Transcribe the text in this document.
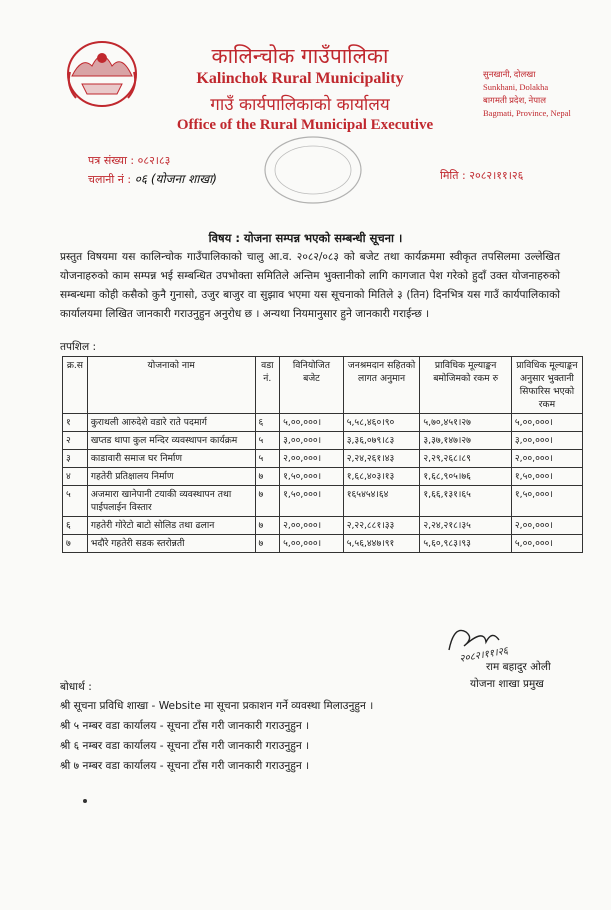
कालिन्चोक गाउँपालिका
Kalinchok Rural Municipality
गाउँ कार्यपालिकाको कार्यालय
Office of the Rural Municipal Executive
सुनखानी, दोलखा
Sunkhani, Dolakha
बागमती प्रदेश, नेपाल
Bagmati, Province, Nepal
पत्र संख्या : ०८२।८३
चलानी नं : ०६ (योजना शाखा)	मिति : २०८२।११।२६
विषय : योजना सम्पन्न भएको सम्बन्धी सूचना ।
प्रस्तुत विषयमा यस कालिन्चोक गाउँपालिकाको चालु आ.व. २०८२/०८३ को बजेट तथा कार्यक्रममा स्वीकृत तपसिलमा उल्लेखित योजनाहरुको काम सम्पन्न भई सम्बन्धित उपभोक्ता समितिले अन्तिम भुक्तानीको लागि कागजात पेश गरेको हुदाँ उक्त योजनाहरुको सम्बन्धमा कोही कसैको कुनै गुनासो, उजुर बाजुर वा सुझाव भएमा यस सूचनाको मितिले ३ (तिन) दिनभित्र यस गाउँ कार्यपालिकाको कार्यालयमा लिखित जानकारी गराउनुहुन अनुरोध छ । अन्यथा नियमानुसार हुने जानकारी गराईन्छ ।
तपशिल :
क्र.स	योजनाको नाम	वडा नं.	विनियोजित बजेट	जनश्रमदान सहितको लागत अनुमान	प्राविधिक मूल्याङ्कन बमोजिमको रकम रु	प्राविधिक मूल्याङ्कन अनुसार भुक्तानी सिफारिस भएको रकम
१	कुराथली आरुदेशे वडारे राते पदमार्ग	६	५,००,०००।	५,५८,४६०।९०	५,७०,४५१।२७	५,००,०००।
२	खप्तड थापा कुल मन्दिर व्यवस्थापन कार्यक्रम	५	३,००,०००।	३,३६,०७९।८३	३,३७,१४७।२७	३,००,०००।
३	काडावारी समाज घर निर्माण	५	२,००,०००।	२,२४,२६१।४३	२,२९,२६८।८९	२,००,०००।
४	गहतेरी प्रतिक्षालय निर्माण	७	१,५०,०००।	१,६८,४०३।१३	१,६८,९०५।७६	१,५०,०००।
५	अजमारा खानेपानी टयाकी व्यवस्थापन तथा पाईपलाईन विस्तार	७	१,५०,०००।	१६५४५४।६४	१,६६,१३१।६५	१,५०,०००।
६	गहतेरी गोरेटो बाटो सोलिड तथा ढलान	७	२,००,०००।	२,२२,८८१।३३	२,२४,२१८।३५	२,००,०००।
७	भदौरे गहतेरी सडक स्तरोन्नती	७	५,००,०००।	५,५६,४४७।९१	५,६०,९८३।९३	५,००,०००।
२०८२।११।२६
राम बहादुर ओली
योजना शाखा प्रमुख
बोधार्थ :
श्री सूचना प्रविधि शाखा - Website मा सूचना प्रकाशन गर्ने व्यवस्था मिलाउनुहुन ।
श्री ५ नम्बर वडा कार्यालय - सूचना टाँस गरी जानकारी गराउनुहुन ।
श्री ६ नम्बर वडा कार्यालय - सूचना टाँस गरी जानकारी गराउनुहुन ।
श्री ७ नम्बर वडा कार्यालय - सूचना टाँस गरी जानकारी गराउनुहुन ।
